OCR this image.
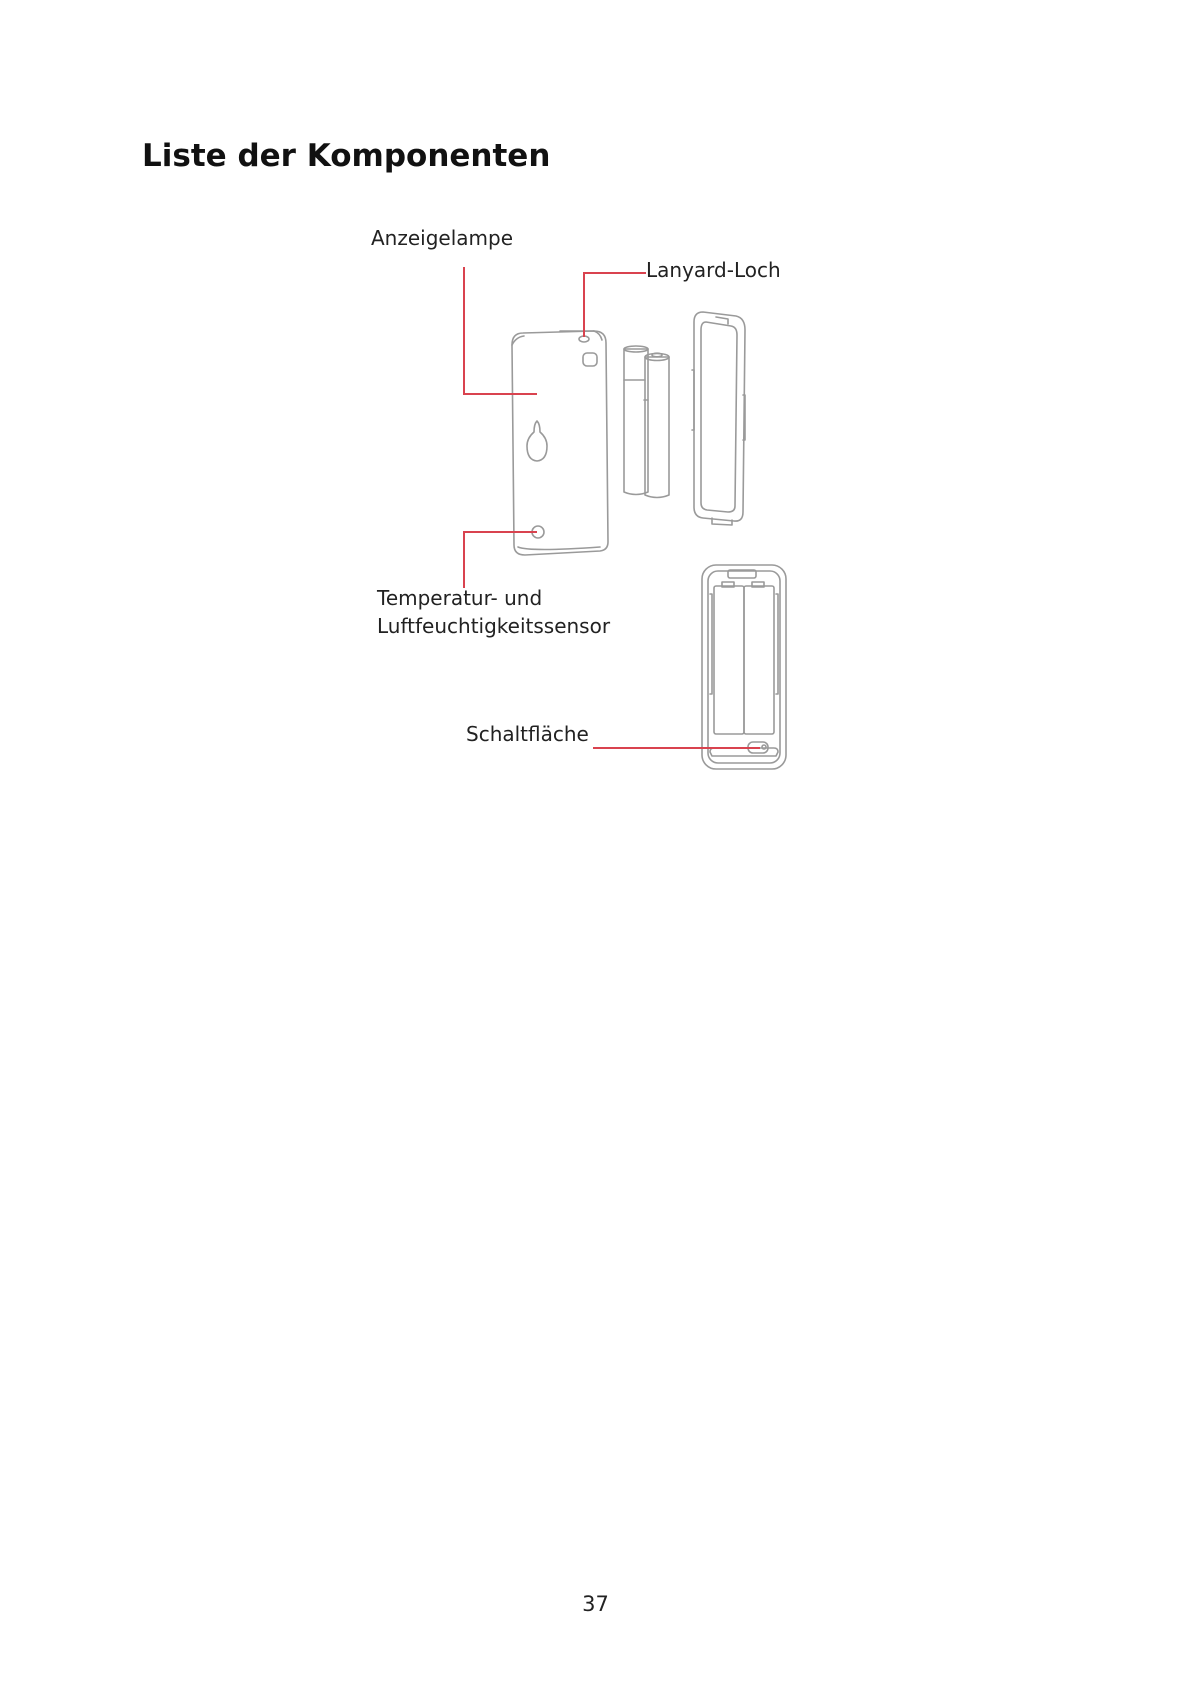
Liste der Komponenten
Anzeigelampe
Lanyard-Loch
Temperatur- und
Luftfeuchtigkeitssensor
Schaltfläche
37
